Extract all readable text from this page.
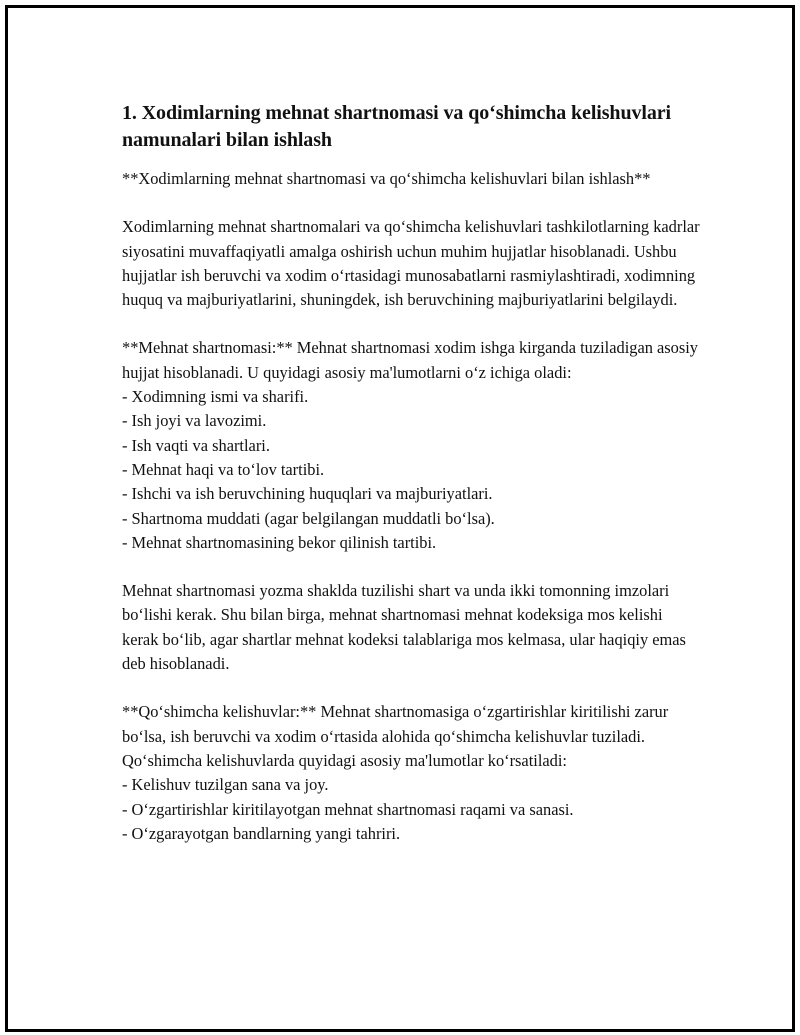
1. Xodimlarning mehnat shartnomasi va qo‘shimcha kelishuvlari namunalari bilan ishlash

**Xodimlarning mehnat shartnomasi va qo‘shimcha kelishuvlari bilan ishlash**

Xodimlarning mehnat shartnomalari va qo‘shimcha kelishuvlari tashkilotlarning kadrlar siyosatini muvaffaqiyatli amalga oshirish uchun muhim hujjatlar hisoblanadi. Ushbu hujjatlar ish beruvchi va xodim o‘rtasidagi munosabatlarni rasmiylashtiradi, xodimning huquq va majburiyatlarini, shuningdek, ish beruvchining majburiyatlarini belgilaydi.

**Mehnat shartnomasi:** Mehnat shartnomasi xodim ishga kirganda tuziladigan asosiy hujjat hisoblanadi. U quyidagi asosiy ma'lumotlarni o‘z ichiga oladi:

- Xodimning ismi va sharifi.
- Ish joyi va lavozimi.
- Ish vaqti va shartlari.
- Mehnat haqi va to‘lov tartibi.
- Ishchi va ish beruvchining huquqlari va majburiyatlari.
- Shartnoma muddati (agar belgilangan muddatli bo‘lsa).
- Mehnat shartnomasining bekor qilinish tartibi.

Mehnat shartnomasi yozma shaklda tuzilishi shart va unda ikki tomonning imzolari bo‘lishi kerak. Shu bilan birga, mehnat shartnomasi mehnat kodeksiga mos kelishi kerak bo‘lib, agar shartlar mehnat kodeksi talablariga mos kelmasa, ular haqiqiy emas deb hisoblanadi.

**Qo‘shimcha kelishuvlar:** Mehnat shartnomasiga o‘zgartirishlar kiritilishi zarur bo‘lsa, ish beruvchi va xodim o‘rtasida alohida qo‘shimcha kelishuvlar tuziladi. Qo‘shimcha kelishuvlarda quyidagi asosiy ma'lumotlar ko‘rsatiladi:

- Kelishuv tuzilgan sana va joy.
- O‘zgartirishlar kiritilayotgan mehnat shartnomasi raqami va sanasi.
- O‘zgarayotgan bandlarning yangi tahriri.
